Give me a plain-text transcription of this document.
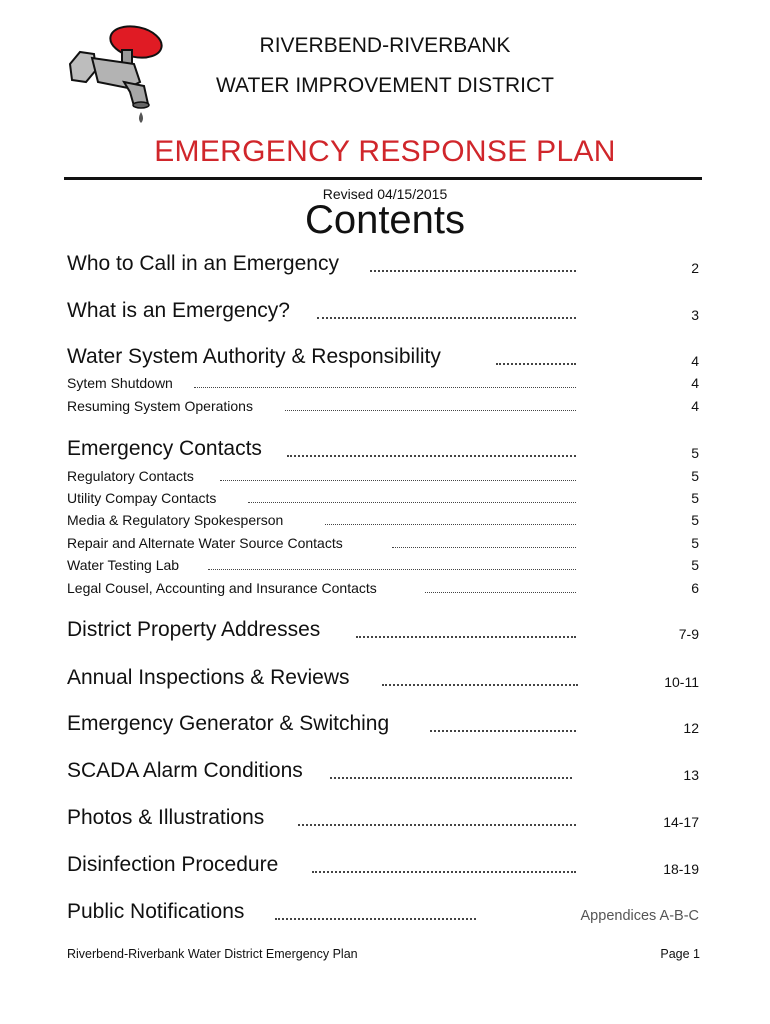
RIVERBEND-RIVERBANK
WATER IMPROVEMENT DISTRICT
EMERGENCY RESPONSE PLAN
Revised 04/15/2015
Contents
Who to Call in an Emergency	2
What is an Emergency?	3
Water System Authority & Responsibility	4
Sytem Shutdown	4
Resuming System Operations	4
Emergency Contacts	5
Regulatory Contacts	5
Utility Compay Contacts	5
Media & Regulatory Spokesperson	5
Repair and Alternate Water Source Contacts	5
Water Testing Lab	5
Legal Cousel, Accounting and Insurance Contacts	6
District Property Addresses	7-9
Annual Inspections & Reviews	10-11
Emergency Generator & Switching	12
SCADA Alarm Conditions	13
Photos & Illustrations	14-17
Disinfection Procedure	18-19
Public Notifications	Appendices A-B-C
Riverbend-Riverbank Water District Emergency Plan	Page 1
